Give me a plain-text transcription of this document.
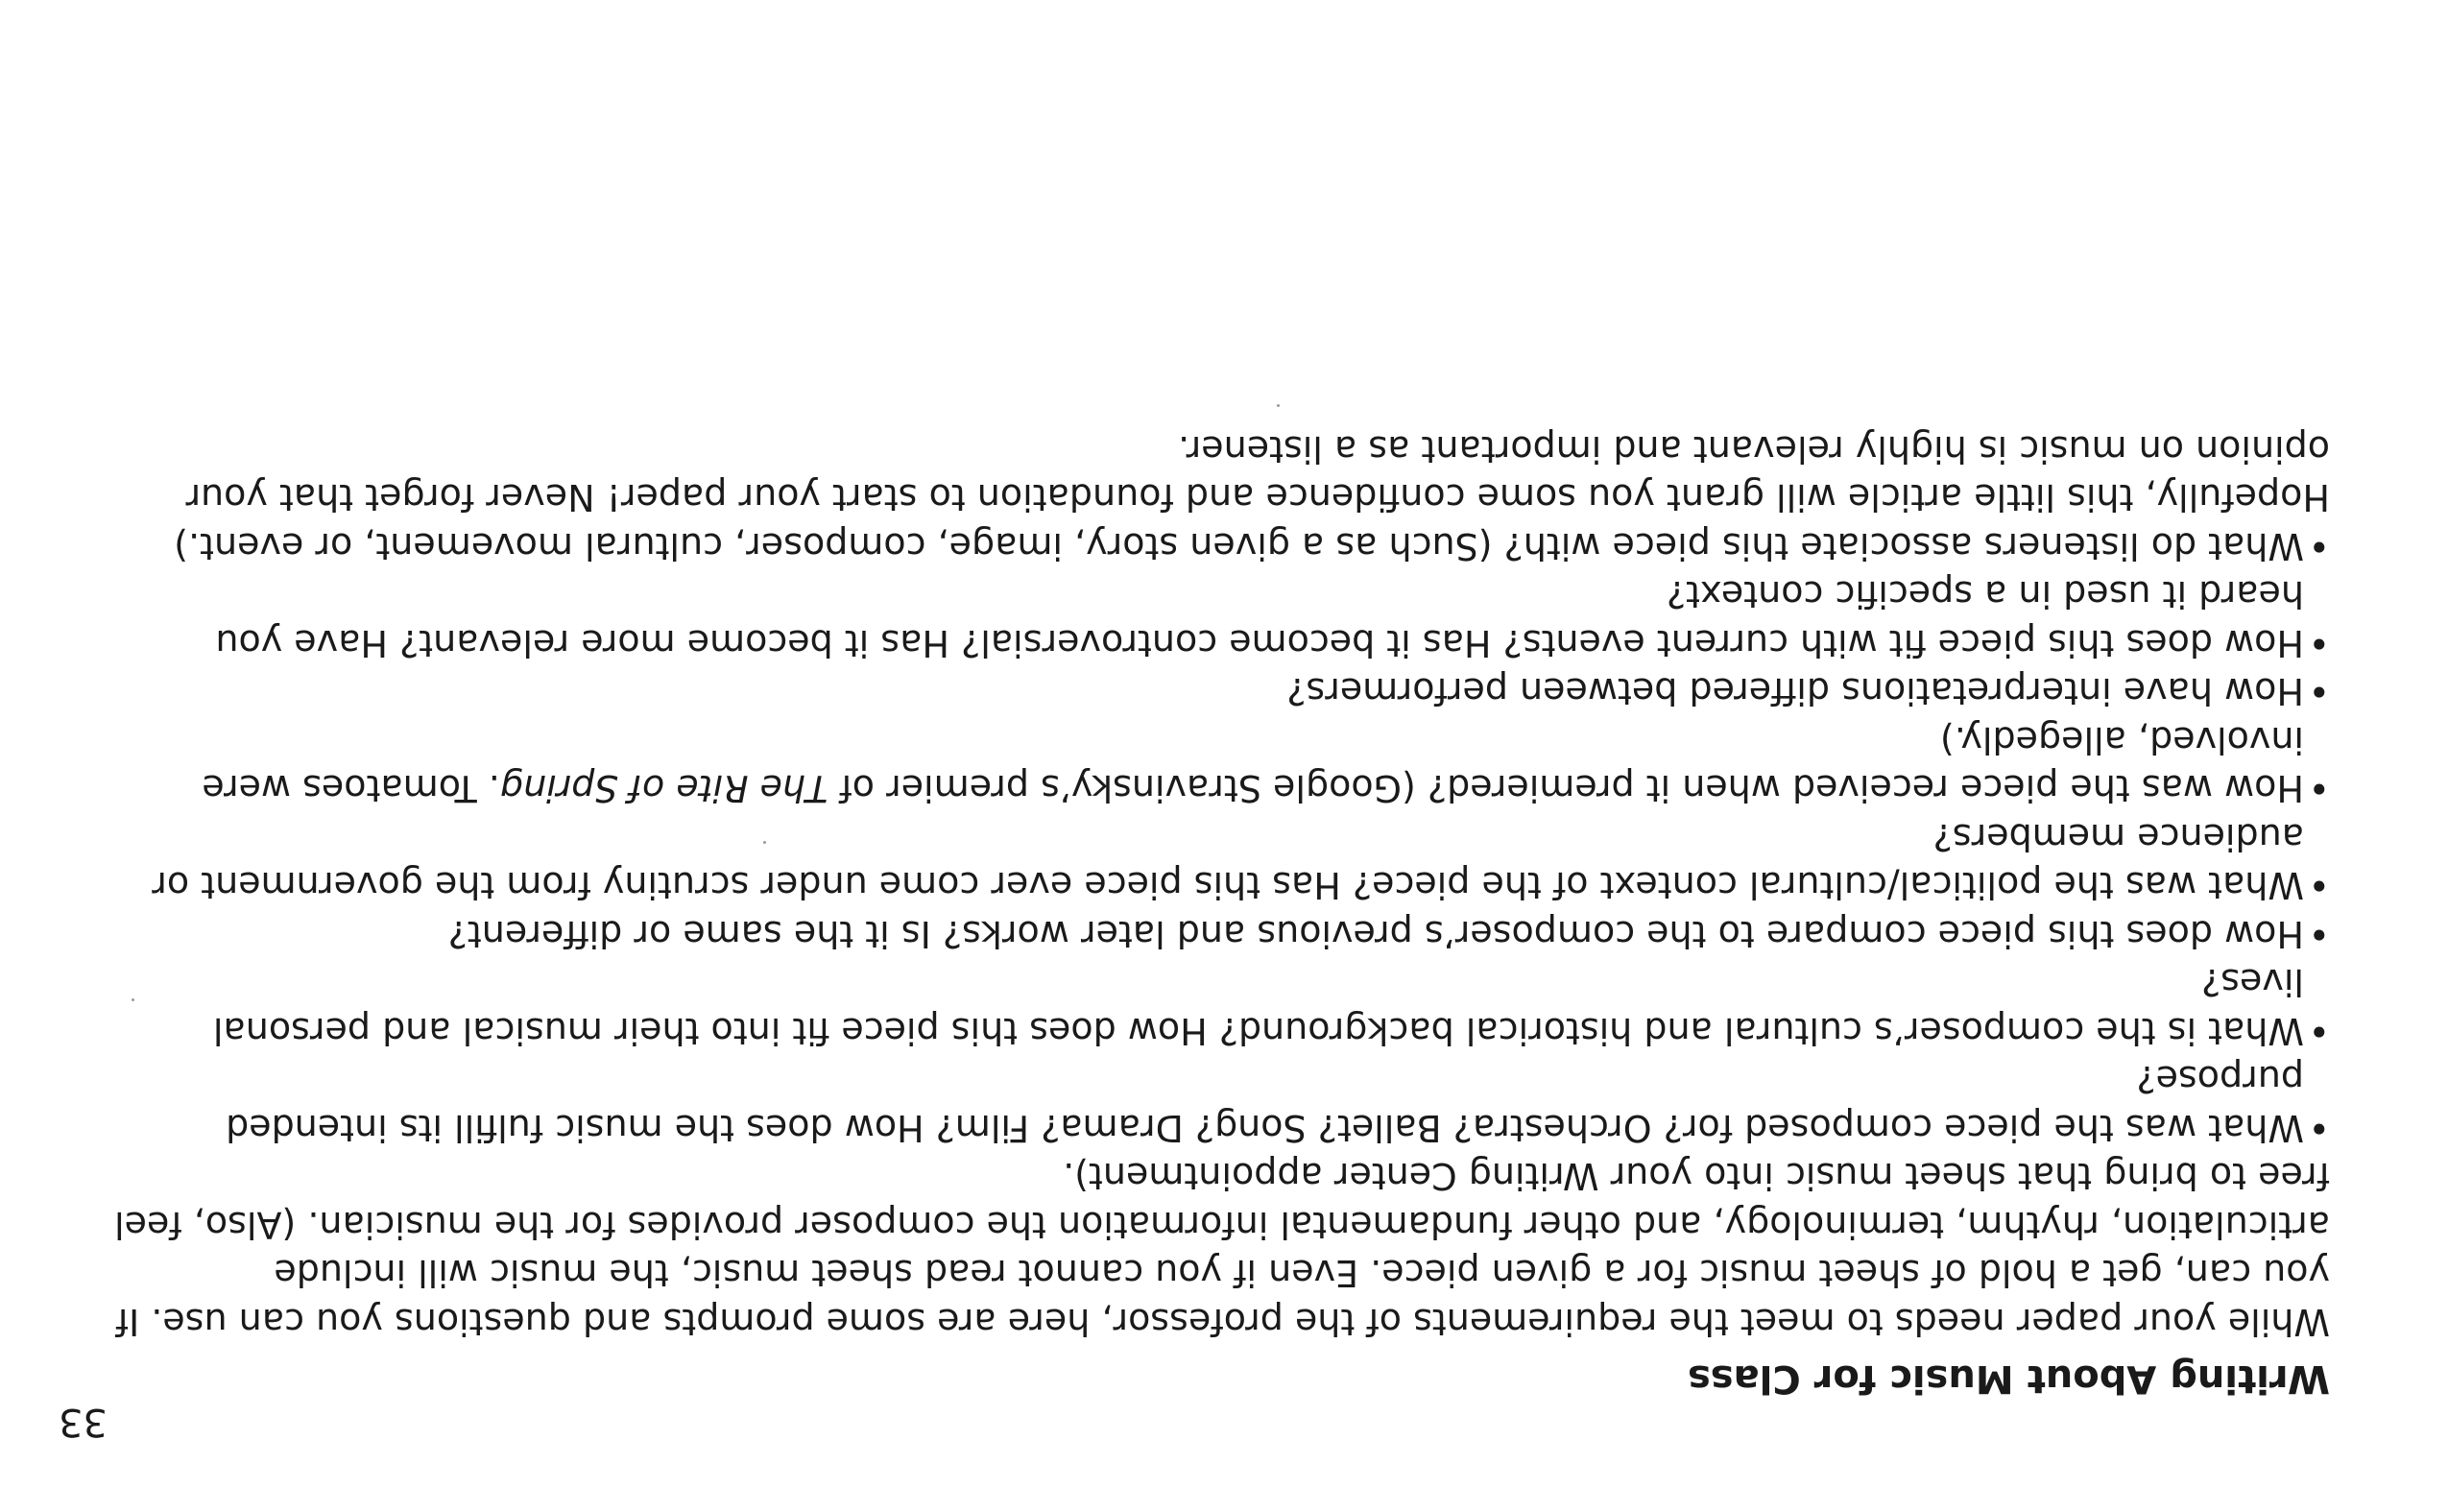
Writing About Music for Class

While your paper needs to meet the requirements of the professor, here are some prompts and questions you can use. If you can, get a hold of sheet music for a given piece. Even if you cannot read sheet music, the music will include articulation, rhythm, terminology, and other fundamental information the composer provides for the musician. (Also, feel free to bring that sheet music into your Writing Center appointment).

•
What was the piece composed for? Orchestra? Ballet? Song? Drama? Film? How does the music fulfill its intended purpose?
•
What is the composer’s cultural and historical background? How does this piece fit into their musical and personal lives?
•
How does this piece compare to the composer’s previous and later works? Is it the same or different?
•
What was the political/cultural context of the piece? Has this piece ever come under scrutiny from the government or audience members?
•
How was the piece received when it premiered? (Google Stravinsky’s premier of The Rite of Spring. Tomatoes were involved, allegedly.)
•
How have interpretations differed between performers?
•
How does this piece fit with current events? Has it become controversial? Has it become more relevant? Have you heard it used in a specific context?
•
What do listeners associate this piece with? (Such as a given story, image, composer, cultural movement, or event.)

Hopefully, this little article will grant you some confidence and foundation to start your paper! Never forget that your opinion on music is highly relevant and important as a listener.

33
